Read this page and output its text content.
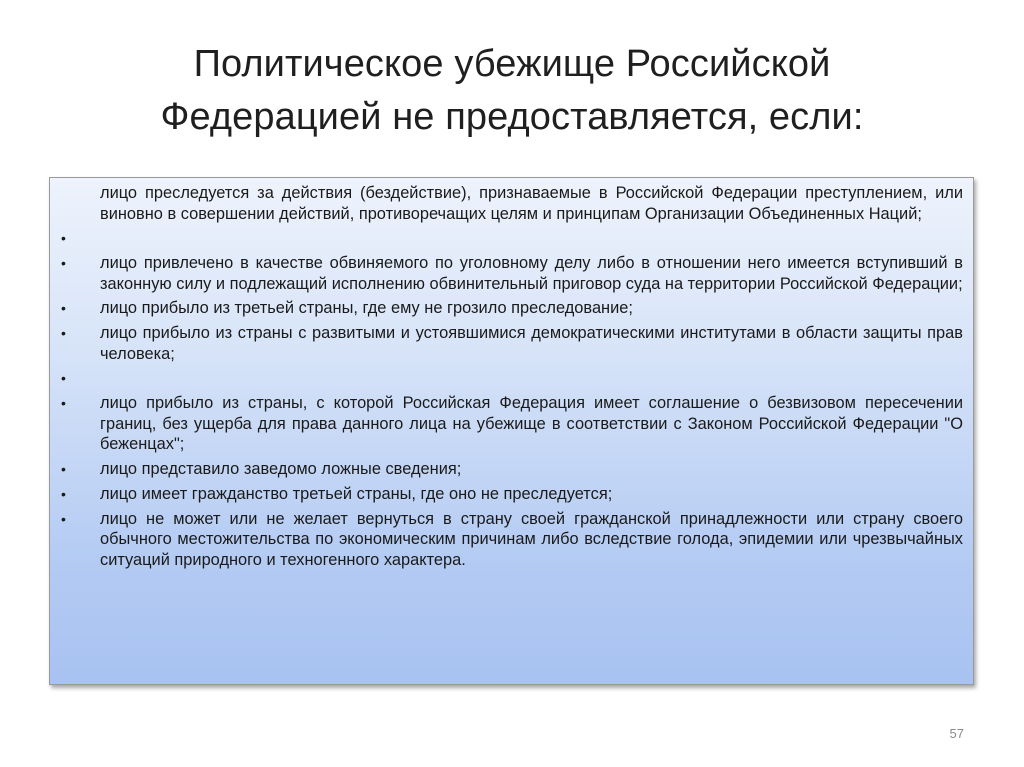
Политическое убежище Российской
Федерацией не предоставляется, если:
лицо преследуется за действия (бездействие), признаваемые в Российской Федерации преступлением, или виновно в совершении действий, противоречащих целям и принципам Организации Объединенных Наций;
•
• лицо привлечено в качестве обвиняемого по уголовному делу либо в отношении него имеется вступивший в законную силу и подлежащий исполнению обвинительный приговор суда на территории Российской Федерации;
• лицо прибыло из третьей страны, где ему не грозило преследование;
• лицо прибыло из страны с развитыми и устоявшимися демократическими институтами в области защиты прав человека;
•
• лицо прибыло из страны, с которой Российская Федерация имеет соглашение о безвизовом пересечении границ, без ущерба для права данного лица на убежище в соответствии с Законом Российской Федерации "О беженцах";
• лицо представило заведомо ложные сведения;
• лицо имеет гражданство третьей страны, где оно не преследуется;
• лицо не может или не желает вернуться в страну своей гражданской принадлежности или страну своего обычного местожительства по экономическим причинам либо вследствие голода, эпидемии или чрезвычайных ситуаций природного и техногенного характера.
57
